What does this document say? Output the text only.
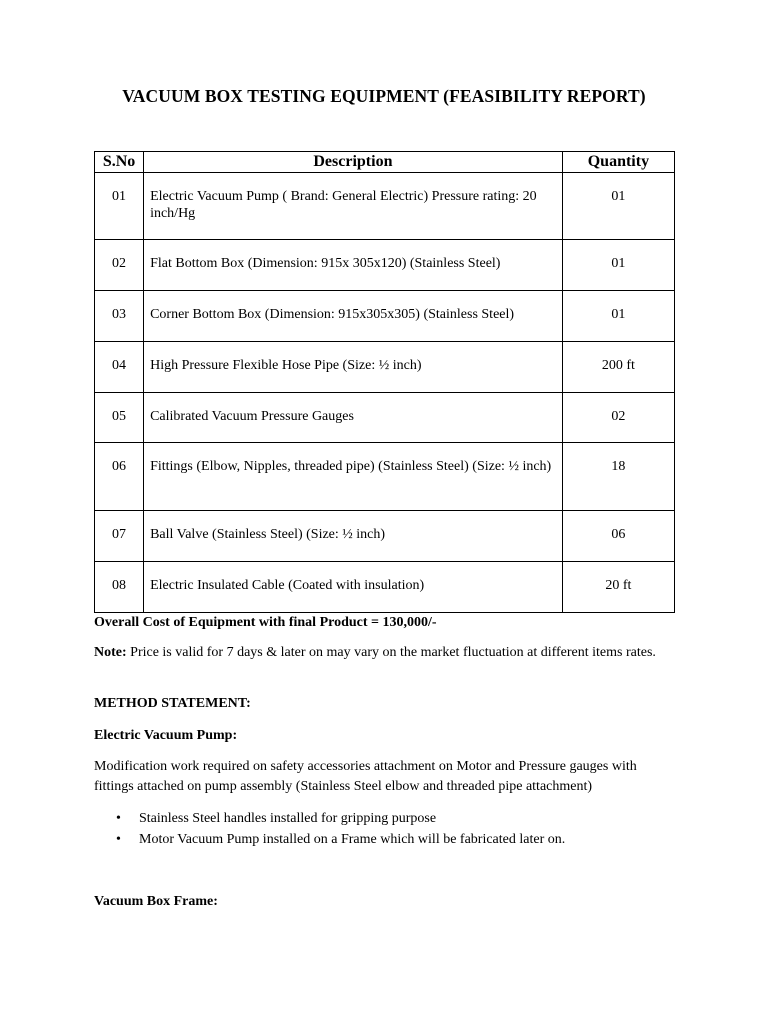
VACUUM BOX TESTING EQUIPMENT (FEASIBILITY REPORT)
S.No	Description	Quantity
01	Electric Vacuum Pump ( Brand: General Electric) Pressure rating: 20 inch/Hg	01
02	Flat Bottom Box (Dimension: 915x 305x120) (Stainless Steel)	01
03	Corner Bottom Box (Dimension: 915x305x305) (Stainless Steel)	01
04	High Pressure Flexible Hose Pipe (Size: ½ inch)	200 ft
05	Calibrated Vacuum Pressure Gauges	02
06	Fittings (Elbow, Nipples, threaded pipe) (Stainless Steel) (Size: ½ inch)	18
07	Ball Valve (Stainless Steel) (Size: ½ inch)	06
08	Electric Insulated Cable (Coated with insulation)	20 ft
Overall Cost of Equipment with final Product = 130,000/-
Note: Price is valid for 7 days & later on may vary on the market fluctuation at different items rates.
METHOD STATEMENT:
Electric Vacuum Pump:
Modification work required on safety accessories attachment on Motor and Pressure gauges with fittings attached on pump assembly (Stainless Steel elbow and threaded pipe attachment)
• Stainless Steel handles installed for gripping purpose
• Motor Vacuum Pump installed on a Frame which will be fabricated later on.
Vacuum Box Frame:
